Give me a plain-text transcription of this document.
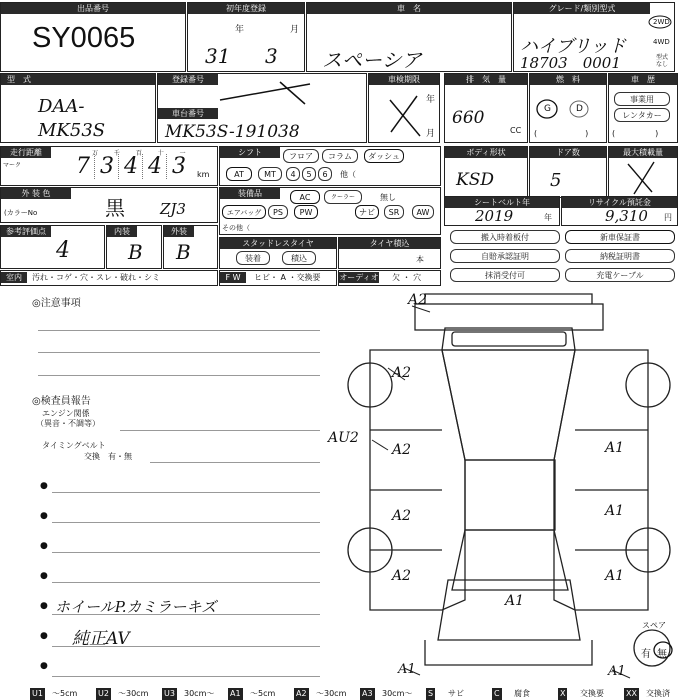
出品番号
SY0065
初年度登録
年	月
31 3
車　名
スペーシア
グレード/類別型式
ハイブリッド
18703　0001
2WD
4WD
型式
なし
型　式
DAA-MK53S
登録番号
車台番号
MK53S-191038
車検期限
年
月
排　気　量
660
CC
燃　料
G	D
(　　　　　　)
車　歴
事業用
レンタカー
(　　　　　)
走行距離
マーク
万 千 百 十 一
7 3 4 4 3	km
シフト	フロア	コラム	ダッシュ
AT	MT	4	5	6	他（
ボディ形状
KSD
ドア数
5
最大積載量
外 装 色
(カラーNo	黒 ZJ3
装備品	AC	クーラー	無し
エアバッグ	PS	PW	ナビ	SR	AW
その他（
シートベルト年
2019	年
リサイクル預託金
9,310 円
参考評価点
4
内装
B
外装
B	スタッドレスタイヤ
装着	積込
タイヤ積込
本
搬入時着板付	新車保証書
自賠承認証明	納税証明書
抹消受付可	充電ケーブル
室内	汚れ・コゲ・穴・スレ・破れ・シミ	F W	ヒビ・ A ・交換要 オーディオ 欠 ・ 穴
◎注意事項
◎検査員報告
エンジン関係
（異音・不調等）
タイミングベルト
交換　有・無
●
●
●
●
● ホイールP.カミラーキズ
● 純正AV
●
A2
A2
AU2
A2
A2
A2
A1
A1
A1
A1
A1	A1
スペア
有 無
U1 ～5cm	U2 ～30cm U3 30cm～ A1 ～5cm	A2 ～30cm A3 30cm～ S サビ	C 腐食	X 交換要	XX 交換済
